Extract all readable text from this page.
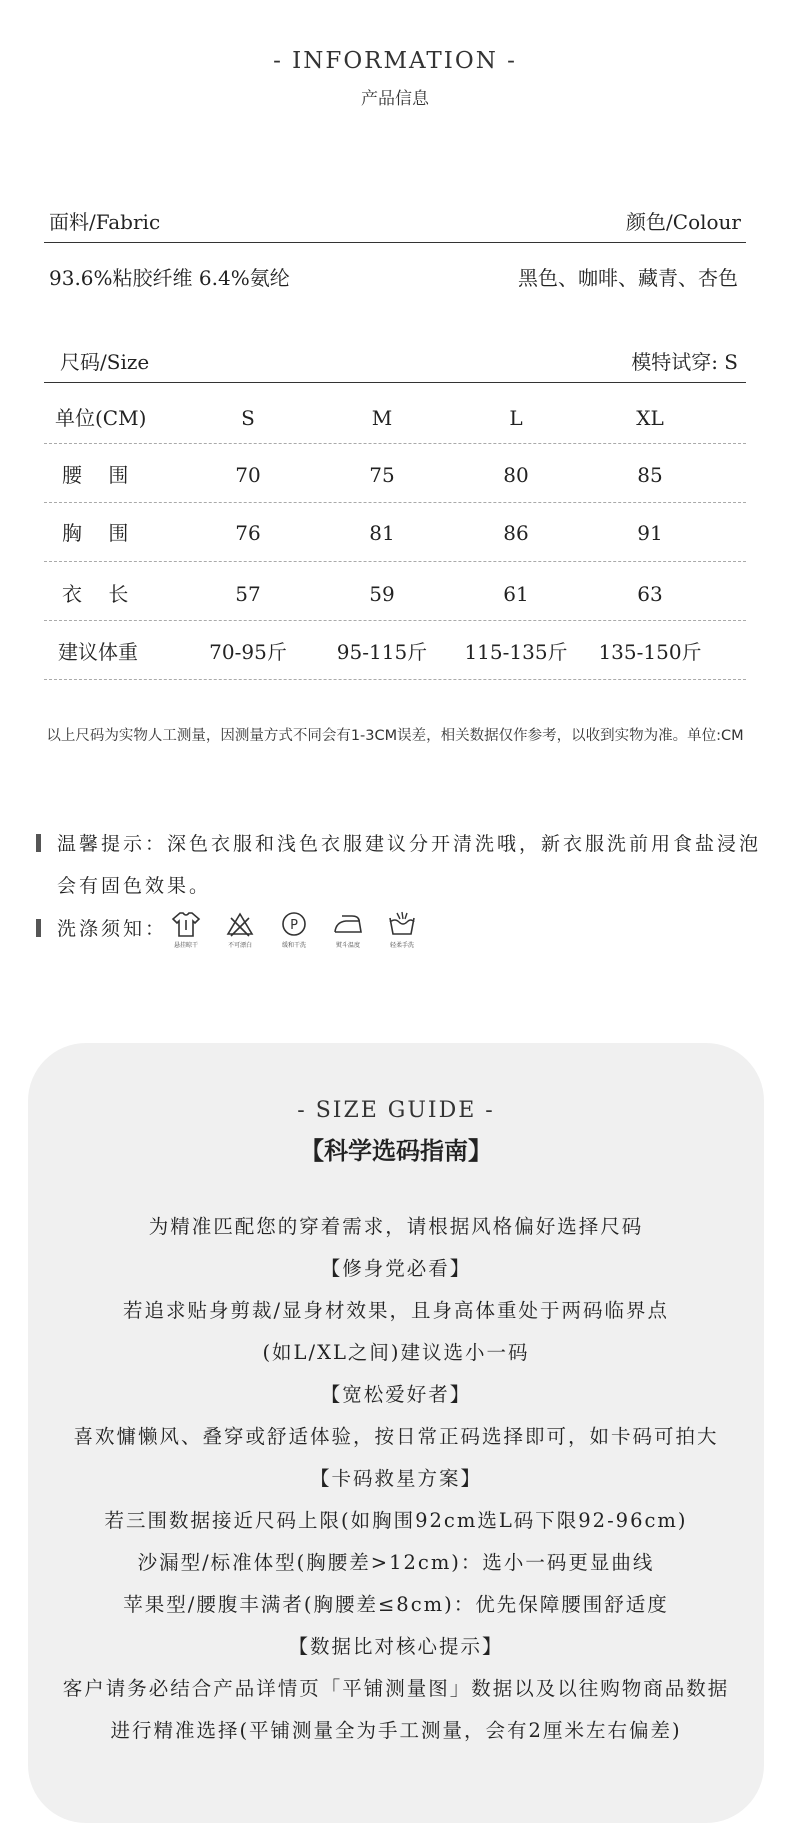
- INFORMATION -
产品信息
面料/Fabric	颜色/Colour
93.6%粘胶纤维 6.4%氨纶	黑色、咖啡、藏青、杏色
尺码/Size	模特试穿: S
单位(CM)	S	M	L	XL
腰　 围	70	75	80	85
胸　 围	76	81	86	91
衣　 长	57	59	61	63
建议体重	70-95斤	95-115斤	115-135斤	135-150斤
以上尺码为实物人工测量，因测量方式不同会有1-3CM误差，相关数据仅作参考，以收到实物为准。单位:CM
温馨提示：深色衣服和浅色衣服建议分开清洗哦，新衣服洗前用食盐浸泡
会有固色效果。
洗涤须知：
悬挂晾干	不可漂白
P
缓和干洗	熨斗温度	轻柔手洗
- SIZE GUIDE -
【科学选码指南】
为精准匹配您的穿着需求，请根据风格偏好选择尺码
【修身党必看】
若追求贴身剪裁/显身材效果，且身高体重处于两码临界点
(如L/XL之间)建议选小一码
【宽松爱好者】
喜欢慵懒风、叠穿或舒适体验，按日常正码选择即可，如卡码可拍大
【卡码救星方案】
若三围数据接近尺码上限(如胸围92cm选L码下限92-96cm)
沙漏型/标准体型(胸腰差>12cm)：选小一码更显曲线
苹果型/腰腹丰满者(胸腰差≤8cm)：优先保障腰围舒适度
【数据比对核心提示】
客户请务必结合产品详情页「平铺测量图」数据以及以往购物商品数据
进行精准选择(平铺测量全为手工测量，会有2厘米左右偏差)
